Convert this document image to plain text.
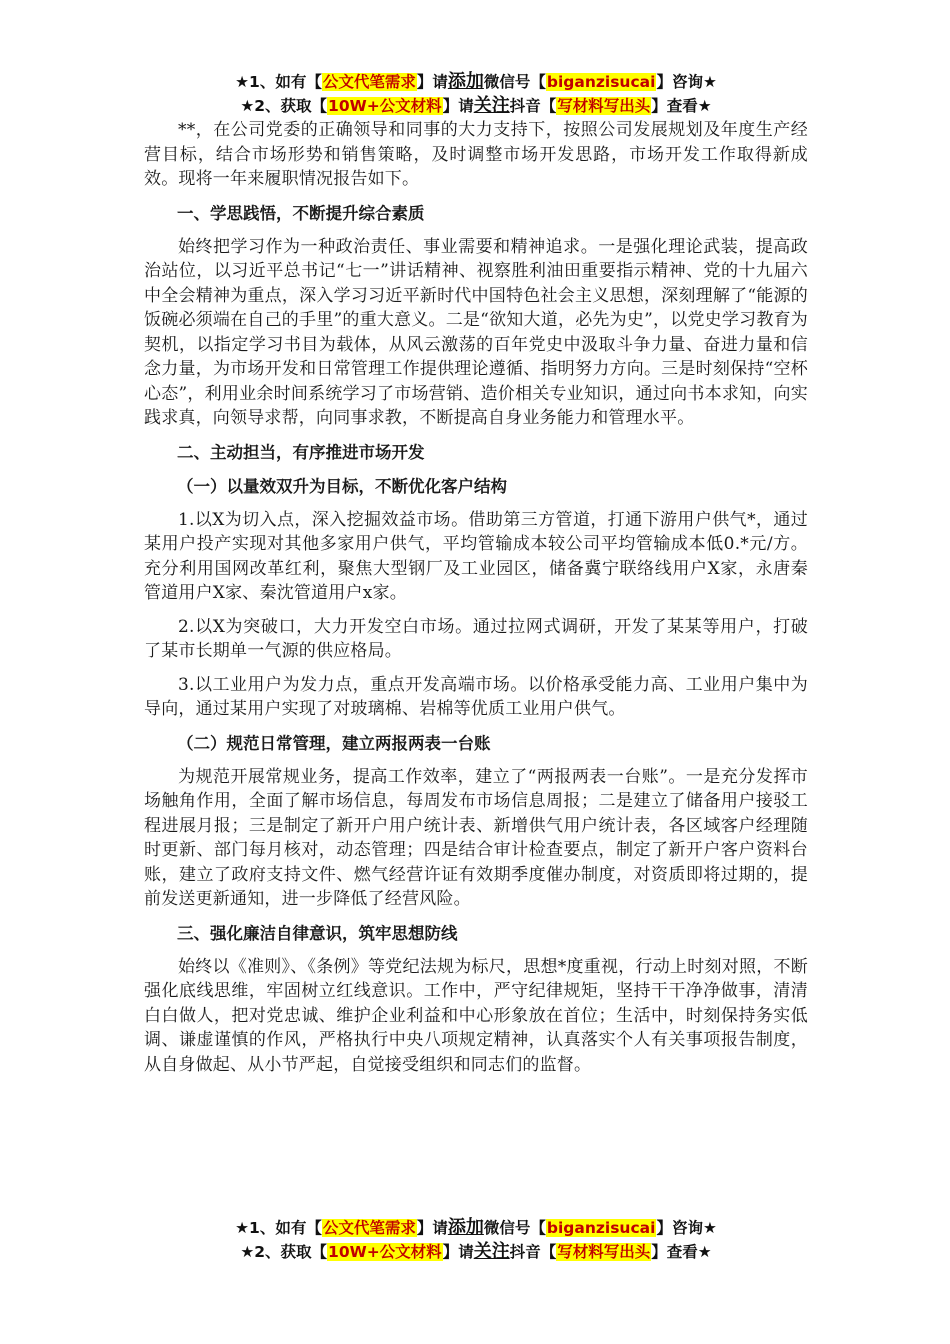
★1、如有【公文代笔需求】请添加微信号【biganzisucai】咨询★
★2、获取【10W+公文材料】请关注抖音【写材料写出头】查看★

**，在公司党委的正确领导和同事的大力支持下，按照公司发展规划及年度生产经营目标，结合市场形势和销售策略，及时调整市场开发思路，市场开发工作取得新成效。现将一年来履职情况报告如下。

一、学思践悟，不断提升综合素质

始终把学习作为一种政治责任、事业需要和精神追求。一是强化理论武装，提高政治站位，以习近平总书记“七一”讲话精神、视察胜利油田重要指示精神、党的十九届六中全会精神为重点，深入学习习近平新时代中国特色社会主义思想，深刻理解了“能源的饭碗必须端在自己的手里”的重大意义。二是“欲知大道，必先为史”，以党史学习教育为契机，以指定学习书目为载体，从风云激荡的百年党史中汲取斗争力量、奋进力量和信念力量，为市场开发和日常管理工作提供理论遵循、指明努力方向。三是时刻保持“空杯心态”，利用业余时间系统学习了市场营销、造价相关专业知识，通过向书本求知，向实践求真，向领导求帮，向同事求教，不断提高自身业务能力和管理水平。

二、主动担当，有序推进市场开发
（一）以量效双升为目标，不断优化客户结构

1.以X为切入点，深入挖掘效益市场。借助第三方管道，打通下游用户供气*，通过某用户投产实现对其他多家用户供气，平均管输成本较公司平均管输成本低0.*元/方。充分利用国网改革红利，聚焦大型钢厂及工业园区，储备冀宁联络线用户X家，永唐秦管道用户X家、秦沈管道用户x家。

2.以X为突破口，大力开发空白市场。通过拉网式调研，开发了某某等用户，打破了某市长期单一气源的供应格局。

3.以工业用户为发力点，重点开发高端市场。以价格承受能力高、工业用户集中为导向，通过某用户实现了对玻璃棉、岩棉等优质工业用户供气。

（二）规范日常管理，建立两报两表一台账

为规范开展常规业务，提高工作效率，建立了“两报两表一台账”。一是充分发挥市场触角作用，全面了解市场信息，每周发布市场信息周报；二是建立了储备用户接驳工程进展月报；三是制定了新开户用户统计表、新增供气用户统计表，各区域客户经理随时更新、部门每月核对，动态管理；四是结合审计检查要点，制定了新开户客户资料台账，建立了政府支持文件、燃气经营许证有效期季度催办制度，对资质即将过期的，提前发送更新通知，进一步降低了经营风险。

三、强化廉洁自律意识，筑牢思想防线

始终以《准则》、《条例》等党纪法规为标尺，思想*度重视，行动上时刻对照，不断强化底线思维，牢固树立红线意识。工作中，严守纪律规矩，坚持干干净净做事，清清白白做人，把对党忠诚、维护企业利益和中心形象放在首位；生活中，时刻保持务实低调、谦虚谨慎的作风，严格执行中央八项规定精神，认真落实个人有关事项报告制度，从自身做起、从小节严起，自觉接受组织和同志们的监督。

★1、如有【公文代笔需求】请添加微信号【biganzisucai】咨询★
★2、获取【10W+公文材料】请关注抖音【写材料写出头】查看★
